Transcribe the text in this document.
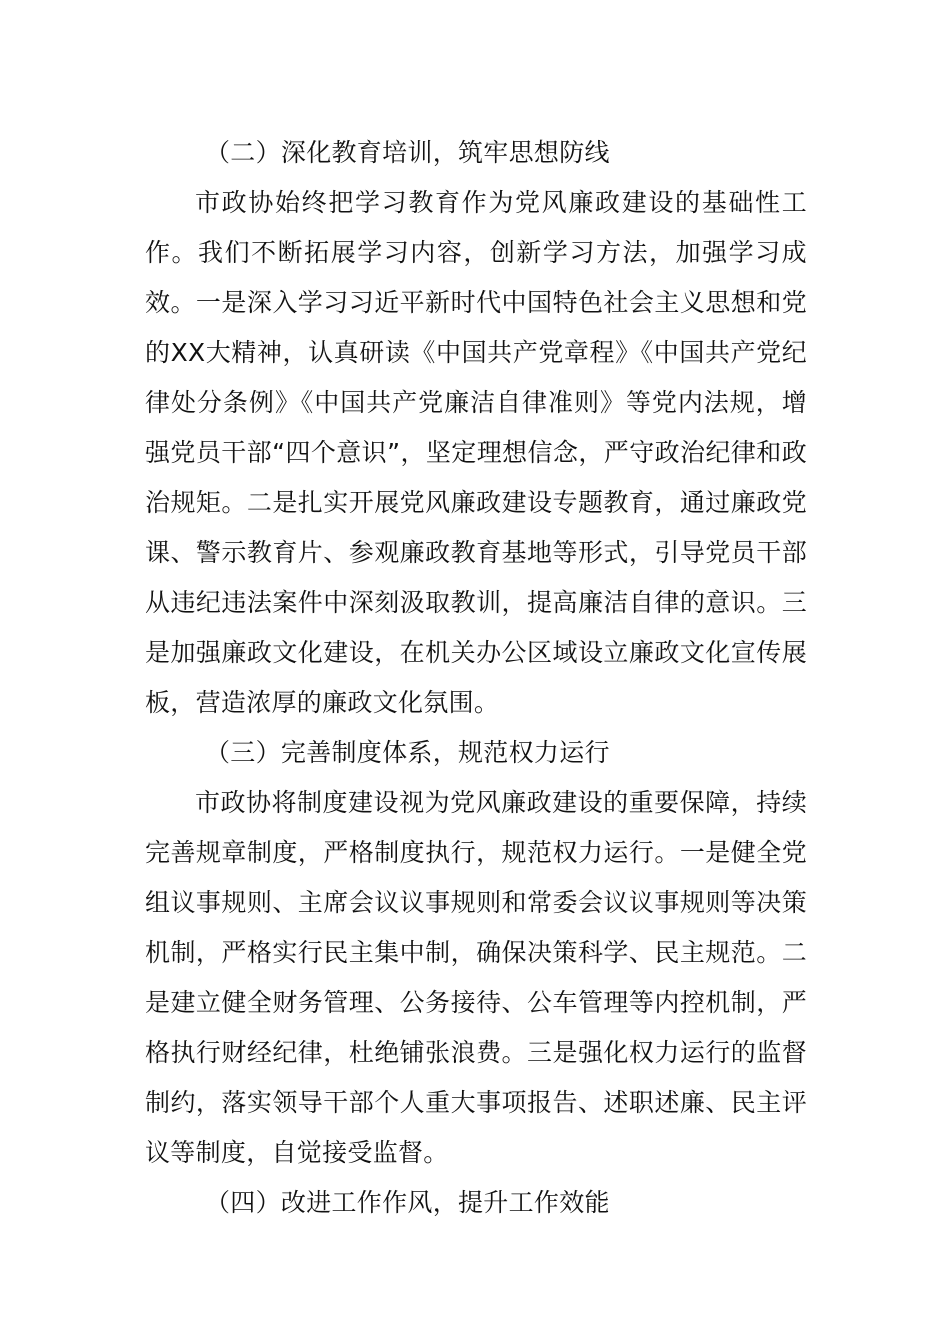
（二）深化教育培训，筑牢思想防线

市政协始终把学习教育作为党风廉政建设的基础性工作。我们不断拓展学习内容，创新学习方法，加强学习成效。一是深入学习习近平新时代中国特色社会主义思想和党的XX大精神，认真研读《中国共产党章程》《中国共产党纪律处分条例》《中国共产党廉洁自律准则》等党内法规，增强党员干部“四个意识”，坚定理想信念，严守政治纪律和政治规矩。二是扎实开展党风廉政建设专题教育，通过廉政党课、警示教育片、参观廉政教育基地等形式，引导党员干部从违纪违法案件中深刻汲取教训，提高廉洁自律的意识。三是加强廉政文化建设，在机关办公区域设立廉政文化宣传展板，营造浓厚的廉政文化氛围。

（三）完善制度体系，规范权力运行

市政协将制度建设视为党风廉政建设的重要保障，持续完善规章制度，严格制度执行，规范权力运行。一是健全党组议事规则、主席会议议事规则和常委会议议事规则等决策机制，严格实行民主集中制，确保决策科学、民主规范。二是建立健全财务管理、公务接待、公车管理等内控机制，严格执行财经纪律，杜绝铺张浪费。三是强化权力运行的监督制约，落实领导干部个人重大事项报告、述职述廉、民主评议等制度，自觉接受监督。

（四）改进工作作风，提升工作效能
